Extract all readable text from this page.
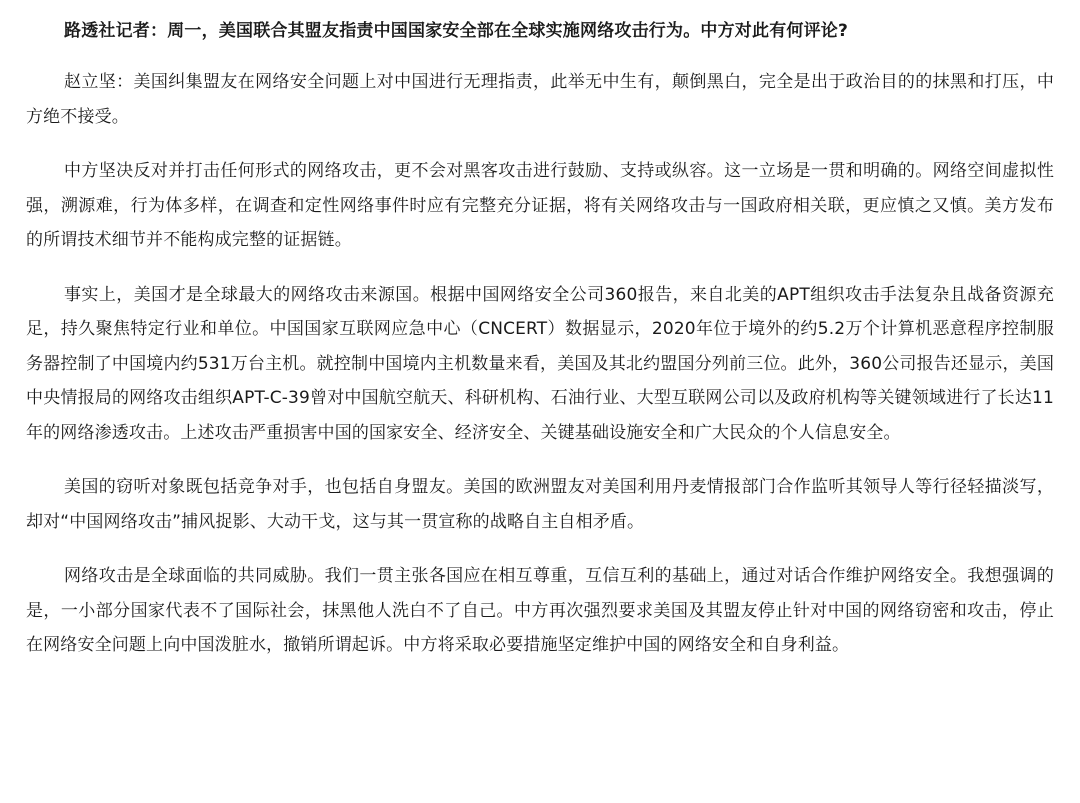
路透社记者：周一，美国联合其盟友指责中国国家安全部在全球实施网络攻击行为。中方对此有何评论?

赵立坚：美国纠集盟友在网络安全问题上对中国进行无理指责，此举无中生有，颠倒黑白，完全是出于政治目的的抹黑和打压，中方绝不接受。

中方坚决反对并打击任何形式的网络攻击，更不会对黑客攻击进行鼓励、支持或纵容。这一立场是一贯和明确的。网络空间虚拟性强，溯源难，行为体多样，在调查和定性网络事件时应有完整充分证据，将有关网络攻击与一国政府相关联，更应慎之又慎。美方发布的所谓技术细节并不能构成完整的证据链。

事实上，美国才是全球最大的网络攻击来源国。根据中国网络安全公司360报告，来自北美的APT组织攻击手法复杂且战备资源充足，持久聚焦特定行业和单位。中国国家互联网应急中心（CNCERT）数据显示，2020年位于境外的约5.2万个计算机恶意程序控制服务器控制了中国境内约531万台主机。就控制中国境内主机数量来看，美国及其北约盟国分列前三位。此外，360公司报告还显示，美国中央情报局的网络攻击组织APT-C-39曾对中国航空航天、科研机构、石油行业、大型互联网公司以及政府机构等关键领域进行了长达11年的网络渗透攻击。上述攻击严重损害中国的国家安全、经济安全、关键基础设施安全和广大民众的个人信息安全。

美国的窃听对象既包括竞争对手，也包括自身盟友。美国的欧洲盟友对美国利用丹麦情报部门合作监听其领导人等行径轻描淡写，却对“中国网络攻击”捕风捉影、大动干戈，这与其一贯宣称的战略自主自相矛盾。

网络攻击是全球面临的共同威胁。我们一贯主张各国应在相互尊重，互信互利的基础上，通过对话合作维护网络安全。我想强调的是，一小部分国家代表不了国际社会，抹黑他人洗白不了自己。中方再次强烈要求美国及其盟友停止针对中国的网络窃密和攻击，停止在网络安全问题上向中国泼脏水，撤销所谓起诉。中方将采取必要措施坚定维护中国的网络安全和自身利益。
